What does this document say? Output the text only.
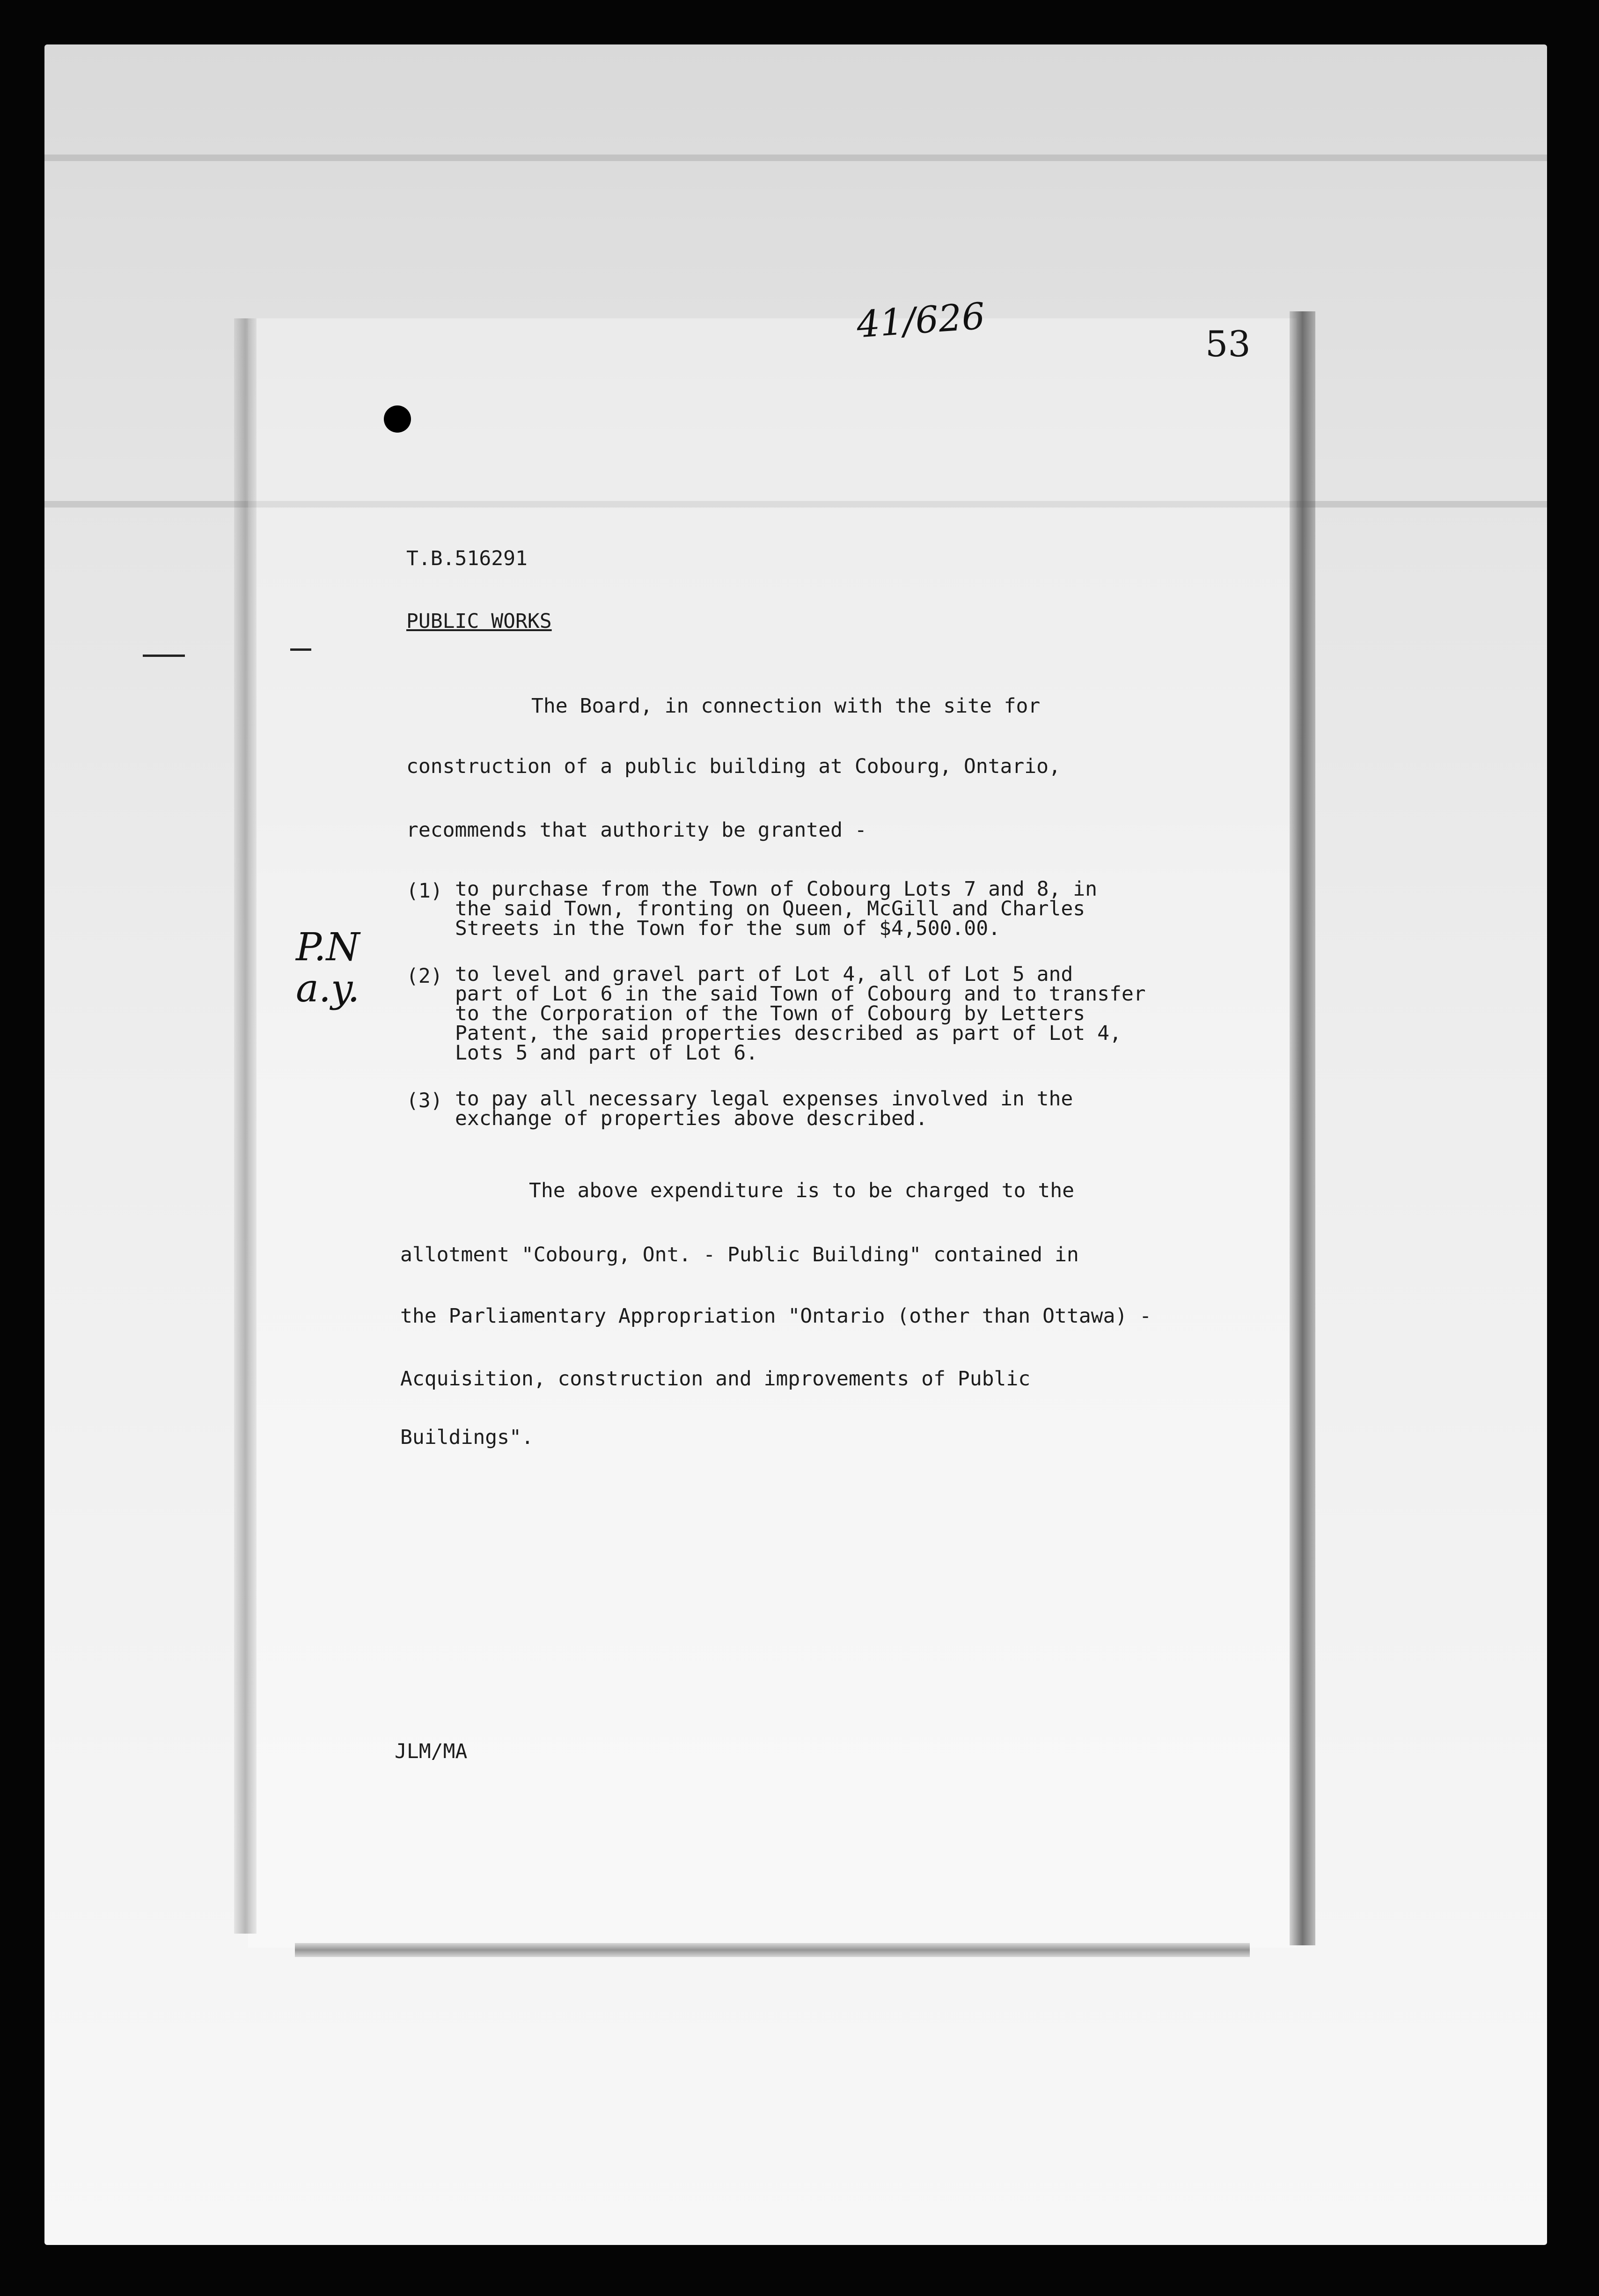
41/626	53
P.N
a.y.
T.B.516291
PUBLIC WORKS
The Board, in connection with the site for
construction of a public building at Cobourg, Ontario,
recommends that authority be granted -
(1) to purchase from the Town of Cobourg Lots 7 and 8, in
the said Town, fronting on Queen, McGill and Charles
Streets in the Town for the sum of $4,500.00.
(2) to level and gravel part of Lot 4, all of Lot 5 and
part of Lot 6 in the said Town of Cobourg and to transfer
to the Corporation of the Town of Cobourg by Letters
Patent, the said properties described as part of Lot 4,
Lots 5 and part of Lot 6.
(3) to pay all necessary legal expenses involved in the
exchange of properties above described.
The above expenditure is to be charged to the
allotment "Cobourg, Ont. - Public Building" contained in
the Parliamentary Appropriation "Ontario (other than Ottawa) -
Acquisition, construction and improvements of Public
Buildings".
JLM/MA
